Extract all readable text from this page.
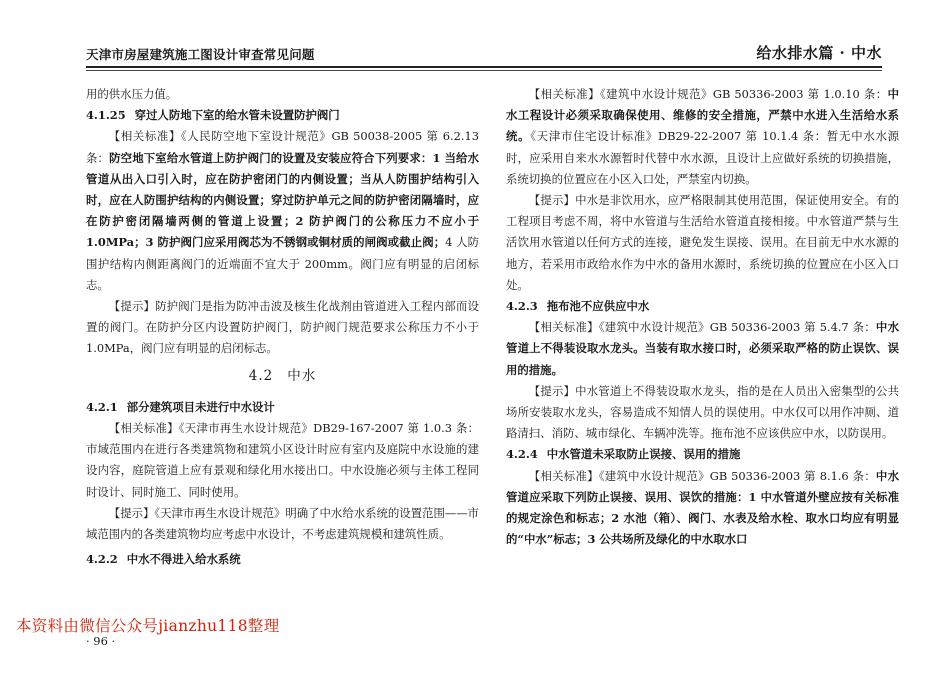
天津市房屋建筑施工图设计审查常见问题	给水排水篇 · 中水

用的供水压力值。

4.1.25 穿过人防地下室的给水管未设置防护阀门

【相关标准】《人民防空地下室设计规范》GB 50038-2005 第 6.2.13 条：防空地下室给水管道上防护阀门的设置及安装应符合下列要求：1 当给水管道从出入口引入时，应在防护密闭门的内侧设置；当从人防围护结构引入时，应在人防围护结构的内侧设置；穿过防护单元之间的防护密闭隔墙时，应在防护密闭隔墙两侧的管道上设置；2 防护阀门的公称压力不应小于 1.0MPa；3 防护阀门应采用阀芯为不锈钢或铜材质的闸阀或截止阀；4 人防围护结构内侧距离阀门的近端面不宜大于 200mm。阀门应有明显的启闭标志。

【提示】防护阀门是指为防冲击波及核生化战剂由管道进入工程内部而设置的阀门。在防护分区内设置防护阀门，防护阀门规范要求公称压力不小于 1.0MPa，阀门应有明显的启闭标志。

4.2 中水

4.2.1 部分建筑项目未进行中水设计

【相关标准】《天津市再生水设计规范》DB29-167-2007 第 1.0.3 条：市域范围内在进行各类建筑物和建筑小区设计时应有室内及庭院中水设施的建设内容，庭院管道上应有景观和绿化用水接出口。中水设施必须与主体工程同时设计、同时施工、同时使用。

【提示】《天津市再生水设计规范》明确了中水给水系统的设置范围——市域范围内的各类建筑物均应考虑中水设计，不考虑建筑规模和建筑性质。

4.2.2 中水不得进入给水系统

【相关标准】《建筑中水设计规范》GB 50336-2003 第 1.0.10 条：中水工程设计必须采取确保使用、维修的安全措施，严禁中水进入生活给水系统。《天津市住宅设计标准》DB29-22-2007 第 10.1.4 条：暂无中水水源时，应采用自来水水源暂时代替中水水源，且设计上应做好系统的切换措施，系统切换的位置应在小区入口处，严禁室内切换。

【提示】中水是非饮用水，应严格限制其使用范围，保证使用安全。有的工程项目考虑不周，将中水管道与生活给水管道直接相接。中水管道严禁与生活饮用水管道以任何方式的连接，避免发生误接、误用。在目前无中水水源的地方，若采用市政给水作为中水的备用水源时，系统切换的位置应在小区入口处。

4.2.3 拖布池不应供应中水

【相关标准】《建筑中水设计规范》GB 50336-2003 第 5.4.7 条：中水管道上不得装设取水龙头。当装有取水接口时，必须采取严格的防止误饮、误用的措施。

【提示】中水管道上不得装设取水龙头，指的是在人员出入密集型的公共场所安装取水龙头，容易造成不知情人员的误使用。中水仅可以用作冲厕、道路清扫、消防、城市绿化、车辆冲洗等。拖布池不应该供应中水，以防误用。

4.2.4 中水管道未采取防止误接、误用的措施

【相关标准】《建筑中水设计规范》GB 50336-2003 第 8.1.6 条：中水管道应采取下列防止误接、误用、误饮的措施：1 中水管道外壁应按有关标准的规定涂色和标志；2 水池（箱）、阀门、水表及给水栓、取水口均应有明显的“中水”标志；3 公共场所及绿化的中水取水口

本资料由微信公众号jianzhu118整理
· 96 ·
